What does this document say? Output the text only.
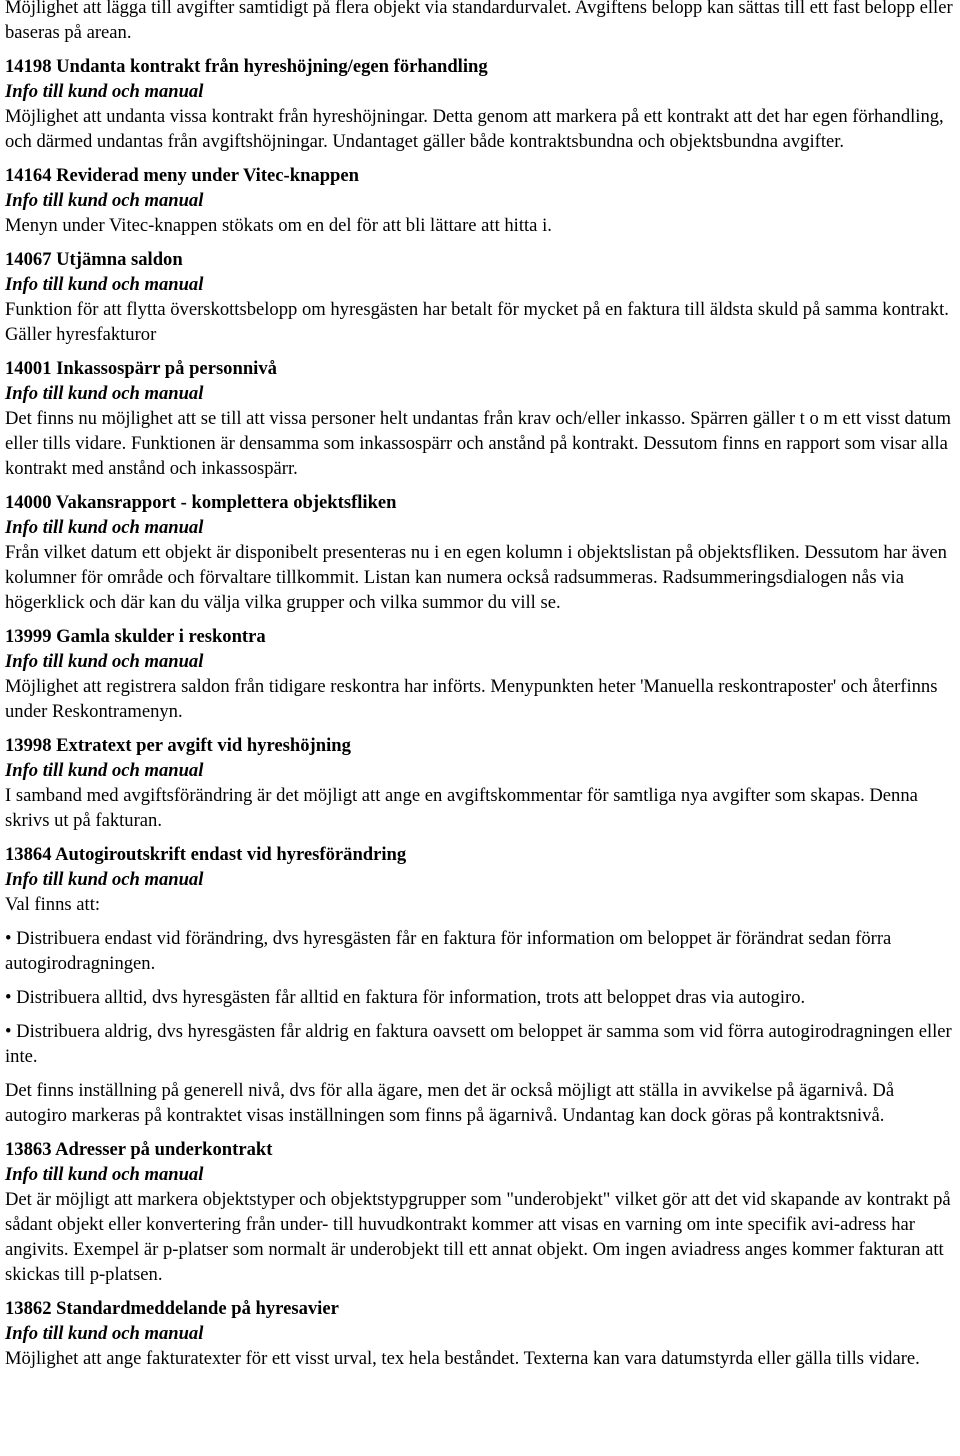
Möjlighet att lägga till avgifter samtidigt på flera objekt via standardurvalet. Avgiftens belopp kan sättas till ett fast belopp eller baseras på arean.

14198 Undanta kontrakt från hyreshöjning/egen förhandling

Info till kund och manual

Möjlighet att undanta vissa kontrakt från hyreshöjningar. Detta genom att markera på ett kontrakt att det har egen förhandling, och därmed undantas från avgiftshöjningar. Undantaget gäller både kontraktsbundna och objektsbundna avgifter.

14164 Reviderad meny under Vitec-knappen

Info till kund och manual

Menyn under Vitec-knappen stökats om en del för att bli lättare att hitta i.

14067 Utjämna saldon

Info till kund och manual

Funktion för att flytta överskottsbelopp om hyresgästen har betalt för mycket på en faktura till äldsta skuld på samma kontrakt. Gäller hyresfakturor

14001 Inkassospärr på personnivå

Info till kund och manual

Det finns nu möjlighet att se till att vissa personer helt undantas från krav och/eller inkasso. Spärren gäller t o m ett visst datum eller tills vidare. Funktionen är densamma som inkassospärr och anstånd på kontrakt. Dessutom finns en rapport som visar alla kontrakt med anstånd och inkassospärr.

14000 Vakansrapport - komplettera objektsfliken

Info till kund och manual

Från vilket datum ett objekt är disponibelt presenteras nu i en egen kolumn i objektslistan på objektsfliken. Dessutom har även kolumner för område och förvaltare tillkommit. Listan kan numera också radsummeras. Radsummeringsdialogen nås via högerklick och där kan du välja vilka grupper och vilka summor du vill se.

13999 Gamla skulder i reskontra

Info till kund och manual

Möjlighet att registrera saldon från tidigare reskontra har införts. Menypunkten heter 'Manuella reskontraposter' och återfinns under Reskontramenyn.

13998 Extratext per avgift vid hyreshöjning

Info till kund och manual

I samband med avgiftsförändring är det möjligt att ange en avgiftskommentar för samtliga nya avgifter som skapas. Denna skrivs ut på fakturan.

13864 Autogiroutskrift endast vid hyresförändring

Info till kund och manual

Val finns att:

• Distribuera endast vid förändring, dvs hyresgästen får en faktura för information om beloppet är förändrat sedan förra autogirodragningen.

• Distribuera alltid, dvs hyresgästen får alltid en faktura för information, trots att beloppet dras via autogiro.

• Distribuera aldrig, dvs hyresgästen får aldrig en faktura oavsett om beloppet är samma som vid förra autogirodragningen eller inte.

Det finns inställning på generell nivå, dvs för alla ägare, men det är också möjligt att ställa in avvikelse på ägarnivå. Då autogiro markeras på kontraktet visas inställningen som finns på ägarnivå. Undantag kan dock göras på kontraktsnivå.

13863 Adresser på underkontrakt

Info till kund och manual

Det är möjligt att markera objektstyper och objektstypgrupper som "underobjekt" vilket gör att det vid skapande av kontrakt på sådant objekt eller konvertering från under- till huvudkontrakt kommer att visas en varning om inte specifik avi-adress har angivits. Exempel är p-platser som normalt är underobjekt till ett annat objekt. Om ingen aviadress anges kommer fakturan att skickas till p-platsen.

13862 Standardmeddelande på hyresavier

Info till kund och manual

Möjlighet att ange fakturatexter för ett visst urval, tex hela beståndet. Texterna kan vara datumstyrda eller gälla tills vidare.
